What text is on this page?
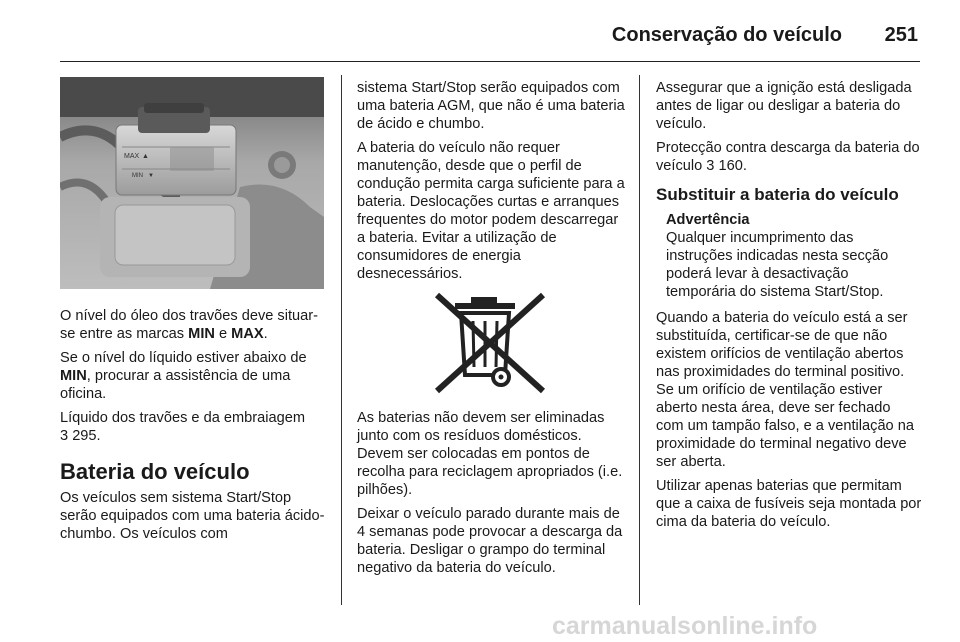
Conservação do veículo 251
MAX ▲
MIN ▼

O nível do óleo dos travões deve situar-se entre as marcas MIN e MAX.

Se o nível do líquido estiver abaixo de MIN, procurar a assistência de uma oficina.

Líquido dos travões e da embraiagem
3 295.

Bateria do veículo

Os veículos sem sistema Start/Stop serão equipados com uma bateria ácido-chumbo. Os veículos com

sistema Start/Stop serão equipados com uma bateria AGM, que não é uma bateria de ácido e chumbo.

A bateria do veículo não requer manutenção, desde que o perfil de condução permita carga suficiente para a bateria. Deslocações curtas e arranques frequentes do motor podem descarregar a bateria. Evitar a utilização de consumidores de energia desnecessários.

As baterias não devem ser eliminadas junto com os resíduos domésticos. Devem ser colocadas em pontos de recolha para reciclagem apropriados (i.e. pilhões).

Deixar o veículo parado durante mais de 4 semanas pode provocar a descarga da bateria. Desligar o grampo do terminal negativo da bateria do veículo.

Assegurar que a ignição está desligada antes de ligar ou desligar a bateria do veículo.

Protecção contra descarga da bateria do veículo 3 160.

Substituir a bateria do veículo
Advertência

Qualquer incumprimento das instruções indicadas nesta secção poderá levar à desactivação temporária do sistema Start/Stop.

Quando a bateria do veículo está a ser substituída, certificar-se de que não existem orifícios de ventilação abertos nas proximidades do terminal positivo. Se um orifício de ventilação estiver aberto nesta área, deve ser fechado com um tampão falso, e a ventilação na proximidade do terminal negativo deve ser aberta.

Utilizar apenas baterias que permitam que a caixa de fusíveis seja montada por cima da bateria do veículo.

carmanualsonline.info
